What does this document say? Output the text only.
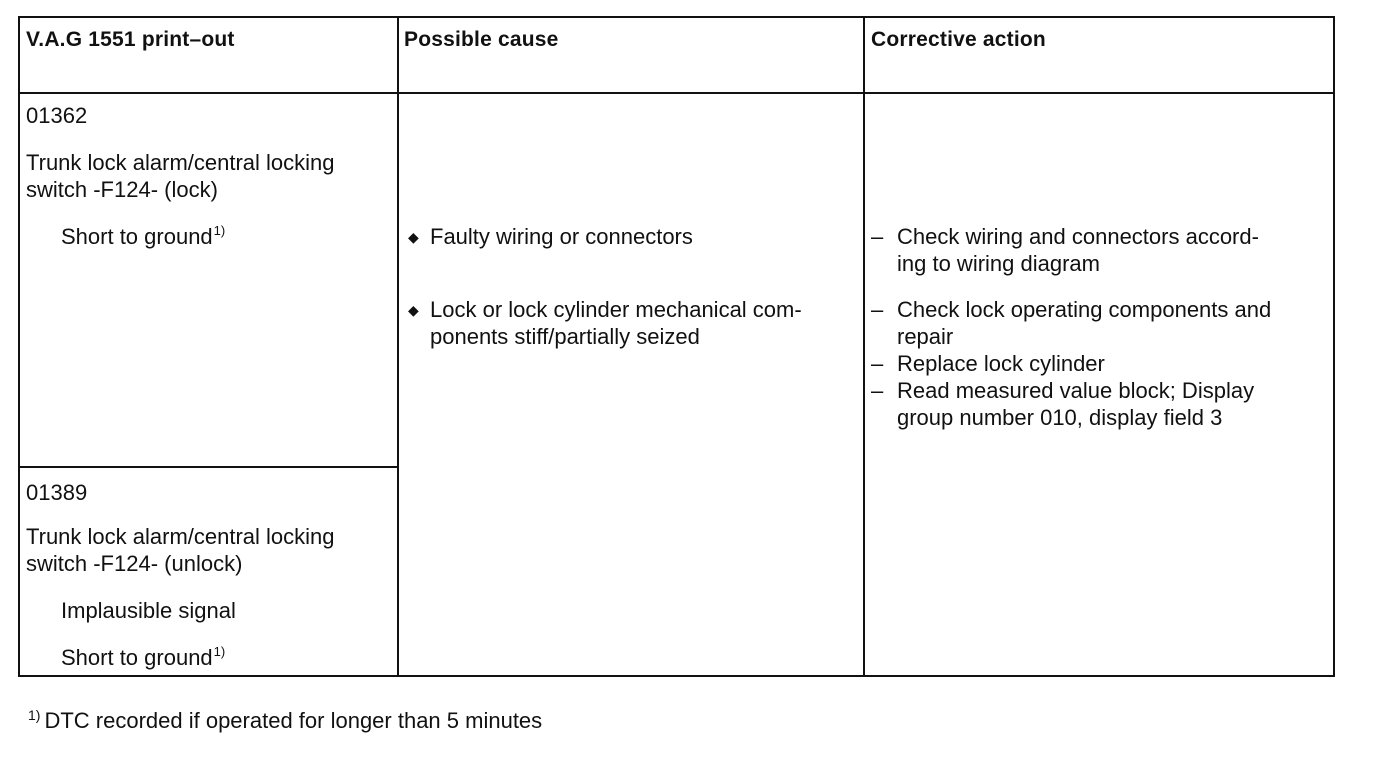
V.A.G 1551 print–out	Possible cause	Corrective action
01362
Trunk lock alarm/central locking
switch -F124- (lock)
Short to ground$^{1)}$
01389
Trunk lock alarm/central locking
switch -F124- (unlock)
Implausible signal
Short to ground$^{1)}$
◆ Faulty wiring or connectors
◆ Lock or lock cylinder mechanical com-
ponents stiff/partially seized
– Check wiring and connectors accord-
ing to wiring diagram
– Check lock operating components and
repair
– Replace lock cylinder
– Read measured value block; Display
group number 010, display field 3
$^{1)}$ DTC recorded if operated for longer than 5 minutes
